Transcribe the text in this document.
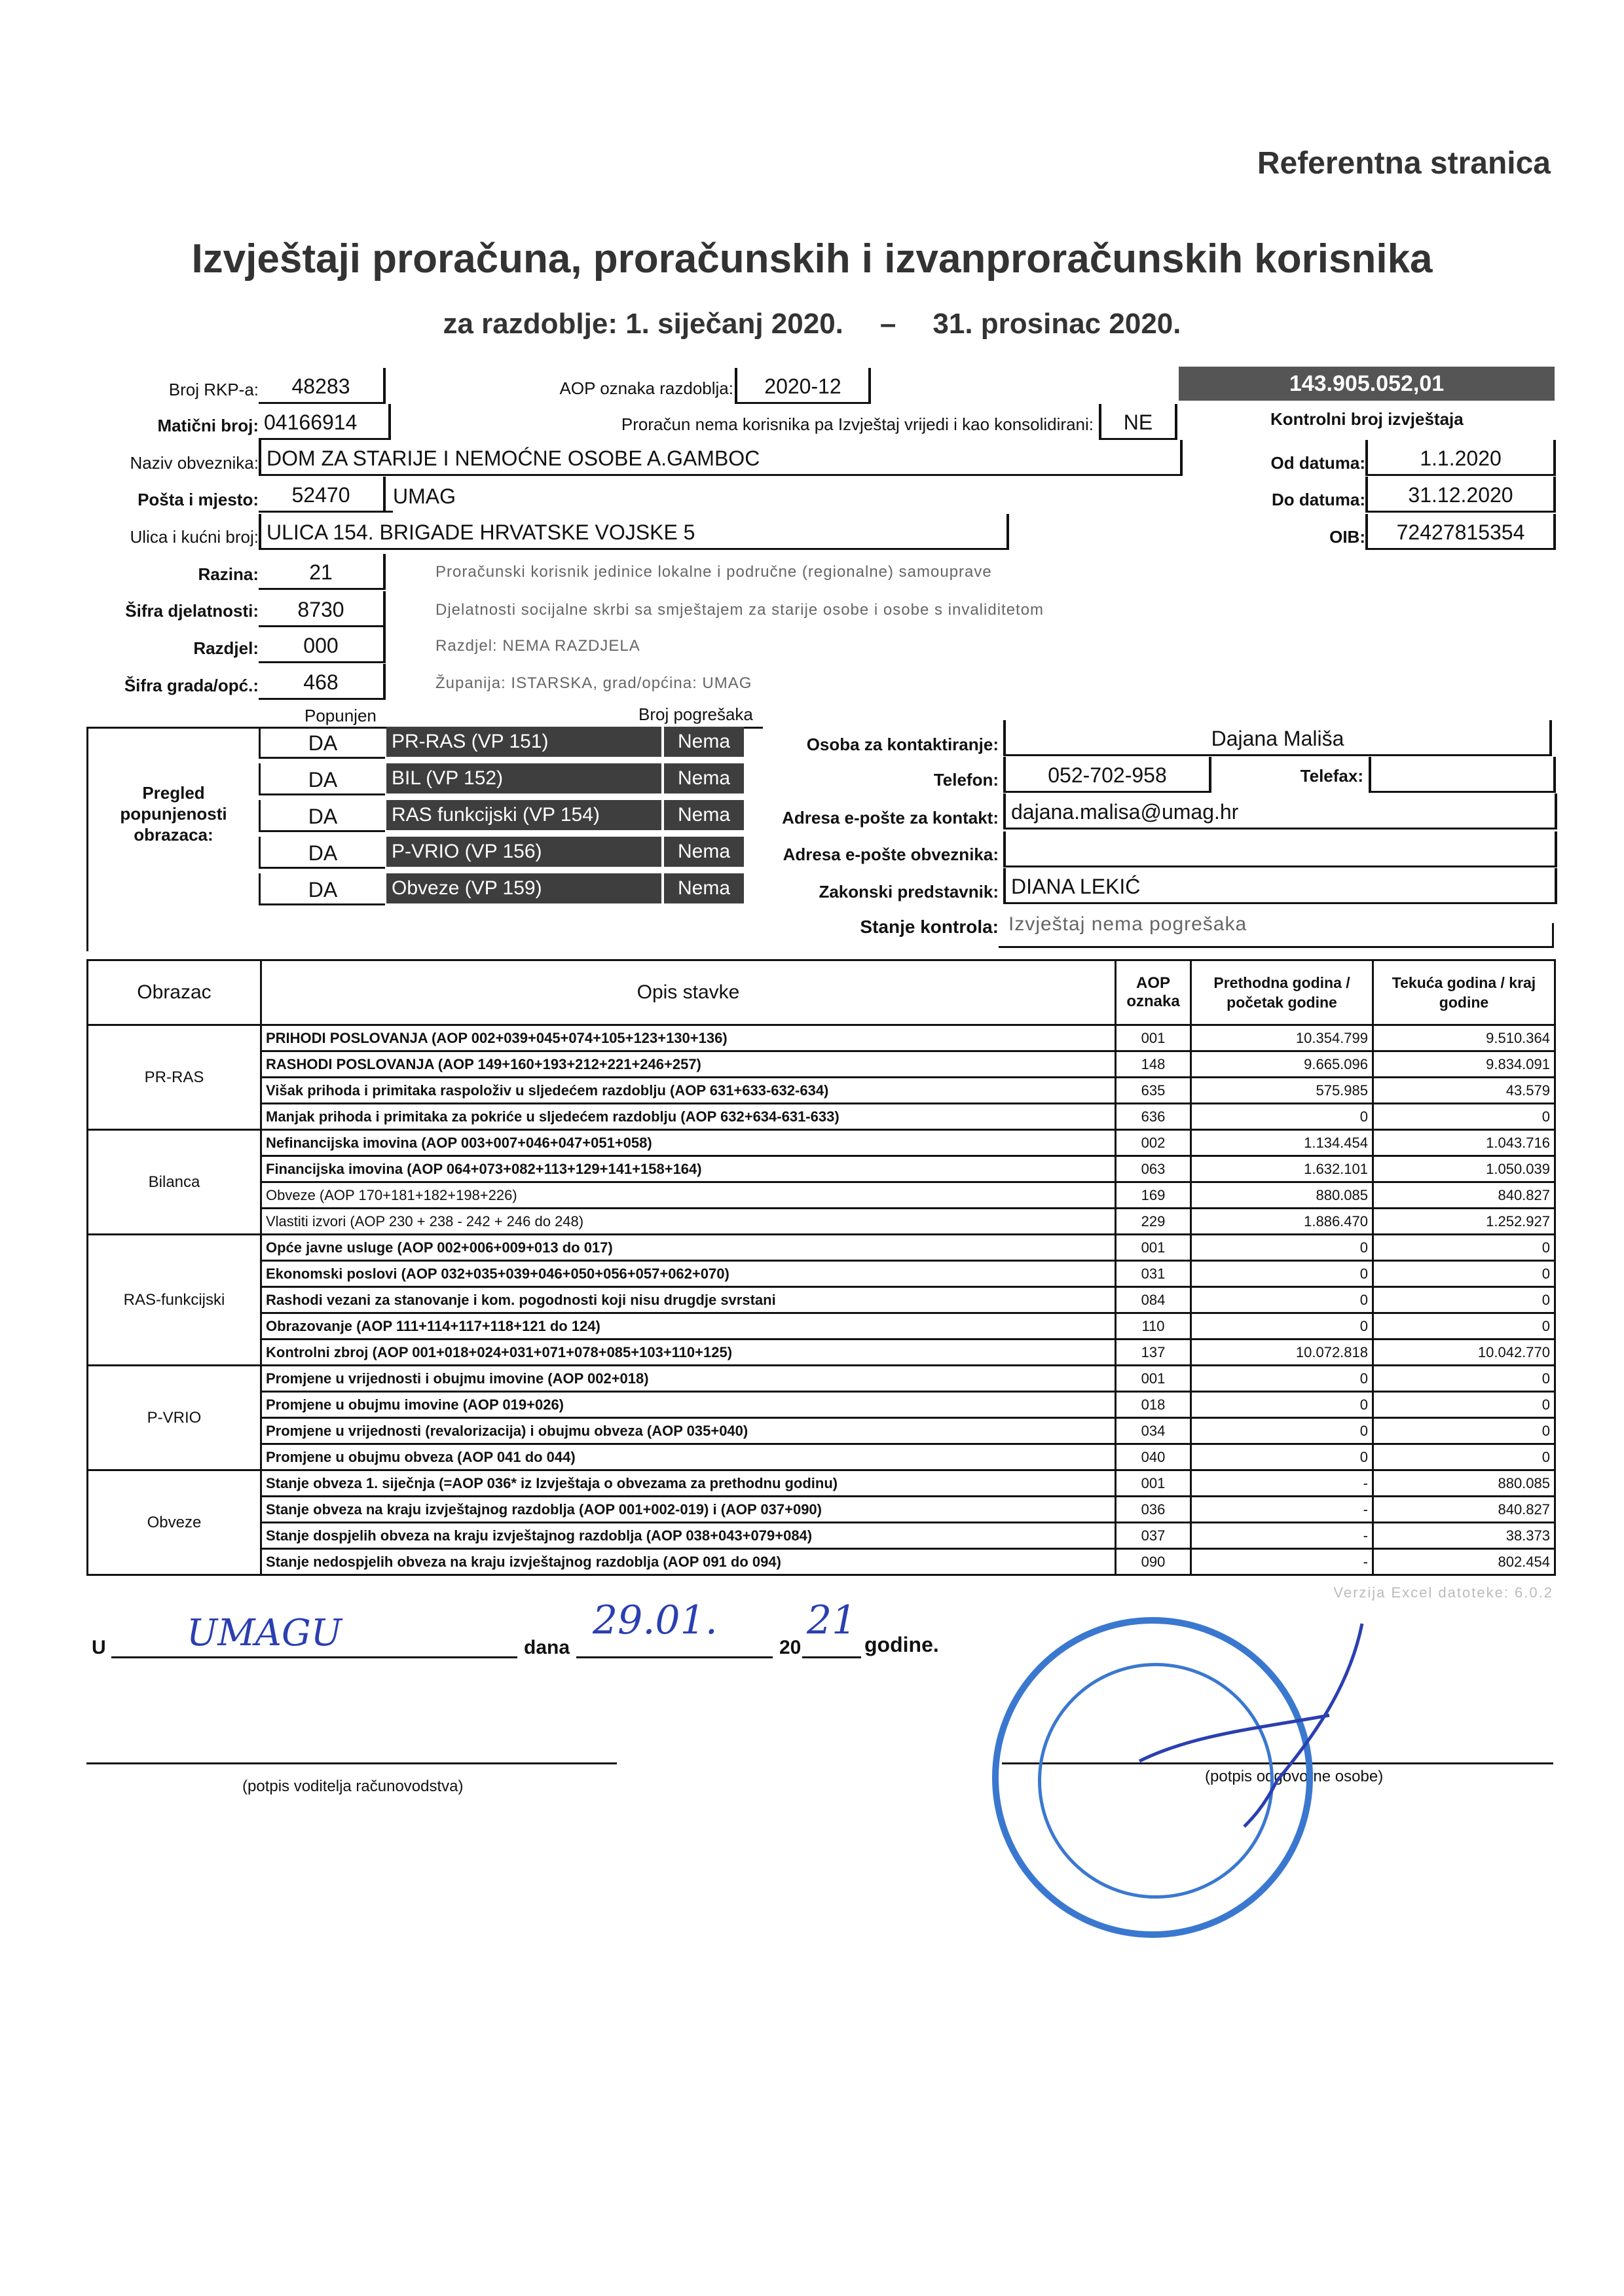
Referentna stranica
Izvještaji proračuna, proračunskih i izvanproračunskih korisnika
za razdoblje: 1. siječanj 2020. – 31. prosinac 2020.
Broj RKP-a:	48283	AOP oznaka razdoblja:	2020-12	143.905.052,01
Matični broj: 04166914	Proračun nema korisnika pa Izvještaj vrijedi i kao konsolidirani:	NE	Kontrolni broj izvještaja
Naziv obveznika: DOM ZA STARIJE I NEMOĆNE OSOBE A.GAMBOC	Od datuma:	1.1.2020
Pošta i mjesto:	52470	UMAG	Do datuma:	31.12.2020
Ulica i kućni broj: ULICA 154. BRIGADE HRVATSKE VOJSKE 5	OIB:	72427815354
Razina:	21	Proračunski korisnik jedinice lokalne i područne (regionalne) samouprave
Šifra djelatnosti:	8730	Djelatnosti socijalne skrbi sa smještajem za starije osobe i osobe s invaliditetom
Razdjel:	000	Razdjel: NEMA RAZDJELA
Šifra grada/opć.:	468	Županija: ISTARSKA, grad/općina: UMAG
Popunjen	Broj pogrešaka
Pregled popunjenosti obrazaca:
DA	PR-RAS (VP 151)	Nema
DA	BIL (VP 152)	Nema
DA	RAS funkcijski (VP 154)	Nema
DA	P-VRIO (VP 156)	Nema
DA	Obveze (VP 159)	Nema
Osoba za kontaktiranje:	Dajana Mališa
Telefon:	052-702-958	Telefax:
Adresa e-pošte za kontakt: dajana.malisa@umag.hr
Adresa e-pošte obveznika:
Zakonski predstavnik: DIANA LEKIĆ
Stanje kontrola: Izvještaj nema pogrešaka
Obrazac	Opis stavke	AOP oznaka	Prethodna godina / početak godine	Tekuća godina / kraj godine
PR-RAS	PRIHODI POSLOVANJA (AOP 002+039+045+074+105+123+130+136)	001	10.354.799	9.510.364
	RASHODI POSLOVANJA (AOP 149+160+193+212+221+246+257)	148	9.665.096	9.834.091
	Višak prihoda i primitaka raspoloživ u sljedećem razdoblju (AOP 631+633-632-634)	635	575.985	43.579
	Manjak prihoda i primitaka za pokriće u sljedećem razdoblju (AOP 632+634-631-633)	636	0	0
Bilanca	Nefinancijska imovina (AOP 003+007+046+047+051+058)	002	1.134.454	1.043.716
	Financijska imovina (AOP 064+073+082+113+129+141+158+164)	063	1.632.101	1.050.039
	Obveze (AOP 170+181+182+198+226)	169	880.085	840.827
	Vlastiti izvori (AOP 230 + 238 - 242 + 246 do 248)	229	1.886.470	1.252.927
RAS-funkcijski	Opće javne usluge (AOP 002+006+009+013 do 017)	001	0	0
	Ekonomski poslovi (AOP 032+035+039+046+050+056+057+062+070)	031	0	0
	Rashodi vezani za stanovanje i kom. pogodnosti koji nisu drugdje svrstani	084	0	0
	Obrazovanje (AOP 111+114+117+118+121 do 124)	110	0	0
	Kontrolni zbroj (AOP 001+018+024+031+071+078+085+103+110+125)	137	10.072.818	10.042.770
P-VRIO	Promjene u vrijednosti i obujmu imovine (AOP 002+018)	001	0	0
	Promjene u obujmu imovine (AOP 019+026)	018	0	0
	Promjene u vrijednosti (revalorizacija) i obujmu obveza (AOP 035+040)	034	0	0
	Promjene u obujmu obveza (AOP 041 do 044)	040	0	0
Obveze	Stanje obveza 1. siječnja (=AOP 036* iz Izvještaja o obvezama za prethodnu godinu)	001	-	880.085
	Stanje obveza na kraju izvještajnog razdoblja (AOP 001+002-019) i (AOP 037+090)	036	-	840.827
	Stanje dospjelih obveza na kraju izvještajnog razdoblja (AOP 038+043+079+084)	037	-	38.373
	Stanje nedospjelih obveza na kraju izvještajnog razdoblja (AOP 091 do 094)	090	-	802.454
Verzija Excel datoteke: 6.0.2
U UMAGU	dana
29.01.
20
21
godine.
(potpis voditelja računovodstva)
(potpis odgovorne osobe)
